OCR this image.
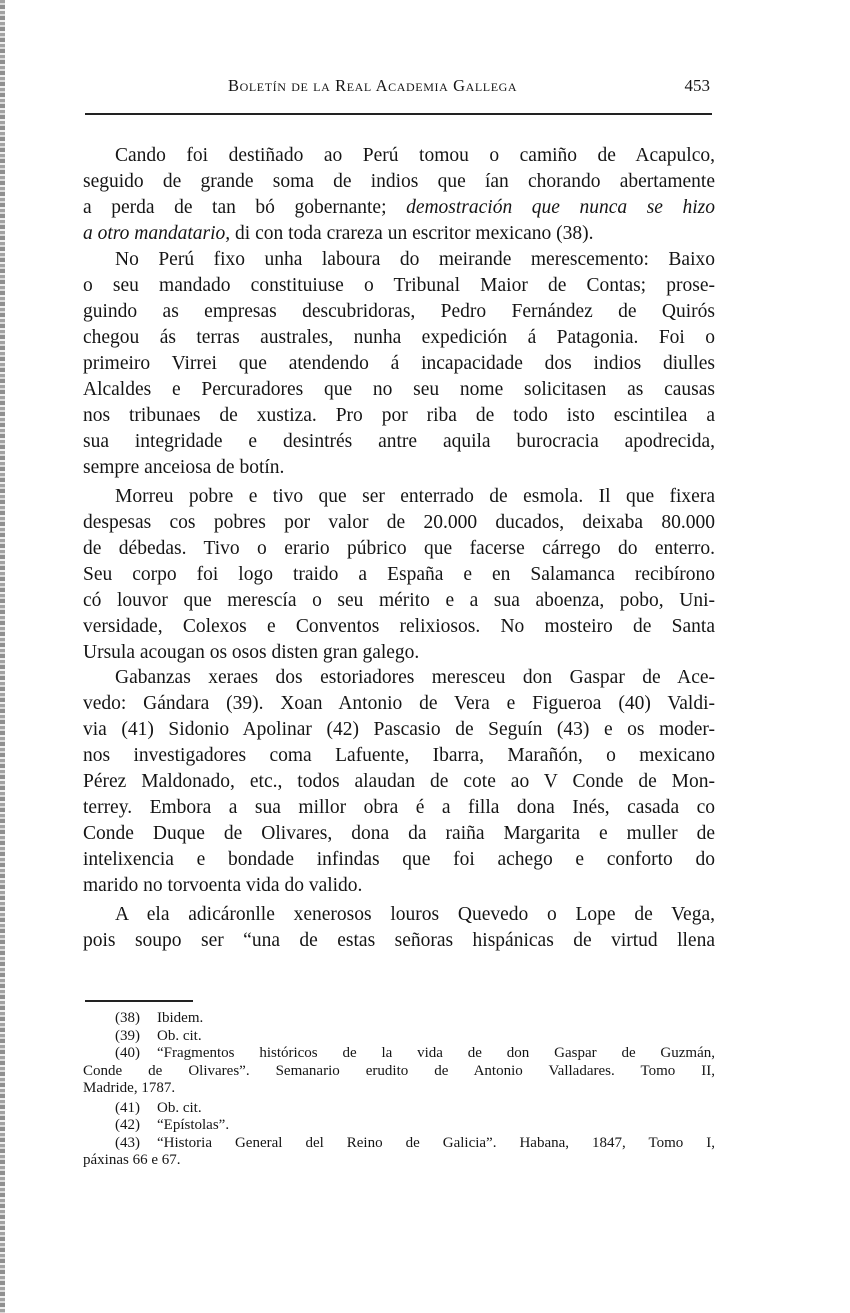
Boletín de la Real Academia Gallega	453
Cando foi destiñado ao Perú tomou o camiño de Acapulco,
seguido de grande soma de indios que ían chorando abertamente
a perda de tan bó gobernante; demostración que nunca se hizo
a otro mandatario, di con toda crareza un escritor mexicano (38).
No Perú fixo unha laboura do meirande merescemento: Baixo
o seu mandado constituiuse o Tribunal Maior de Contas; prose-
guindo as empresas descubridoras, Pedro Fernández de Quirós
chegou ás terras australes, nunha expedición á Patagonia. Foi o
primeiro Virrei que atendendo á incapacidade dos indios diulles
Alcaldes e Percuradores que no seu nome solicitasen as causas
nos tribunaes de xustiza. Pro por riba de todo isto escintilea a
sua integridade e desintrés antre aquila burocracia apodrecida,
sempre anceiosa de botín.
Morreu pobre e tivo que ser enterrado de esmola. Il que fixera
despesas cos pobres por valor de 20.000 ducados, deixaba 80.000
de débedas. Tivo o erario púbrico que facerse cárrego do enterro.
Seu corpo foi logo traido a España e en Salamanca recibírono
có louvor que merescía o seu mérito e a sua aboenza, pobo, Uni-
versidade, Colexos e Conventos relixiosos. No mosteiro de Santa
Ursula acougan os osos disten gran galego.
Gabanzas xeraes dos estoriadores meresceu don Gaspar de Ace-
vedo: Gándara (39). Xoan Antonio de Vera e Figueroa (40) Valdi-
via (41) Sidonio Apolinar (42) Pascasio de Seguín (43) e os moder-
nos investigadores coma Lafuente, Ibarra, Marañón, o mexicano
Pérez Maldonado, etc., todos alaudan de cote ao V Conde de Mon-
terrey. Embora a sua millor obra é a filla dona Inés, casada co
Conde Duque de Olivares, dona da raiña Margarita e muller de
intelixencia e bondade infindas que foi achego e conforto do
marido no torvoenta vida do valido.
A ela adicáronlle xenerosos louros Quevedo o Lope de Vega,
pois soupo ser “una de estas señoras hispánicas de virtud llena
(38) Ibidem.
(39) Ob. cit.
(40) “Fragmentos históricos de la vida de don Gaspar de Guzmán,
Conde de Olivares”. Semanario erudito de Antonio Valladares. Tomo II,
Madride, 1787.
(41) Ob. cit.
(42) “Epístolas”.
(43) “Historia General del Reino de Galicia”. Habana, 1847, Tomo I,
páxinas 66 e 67.
